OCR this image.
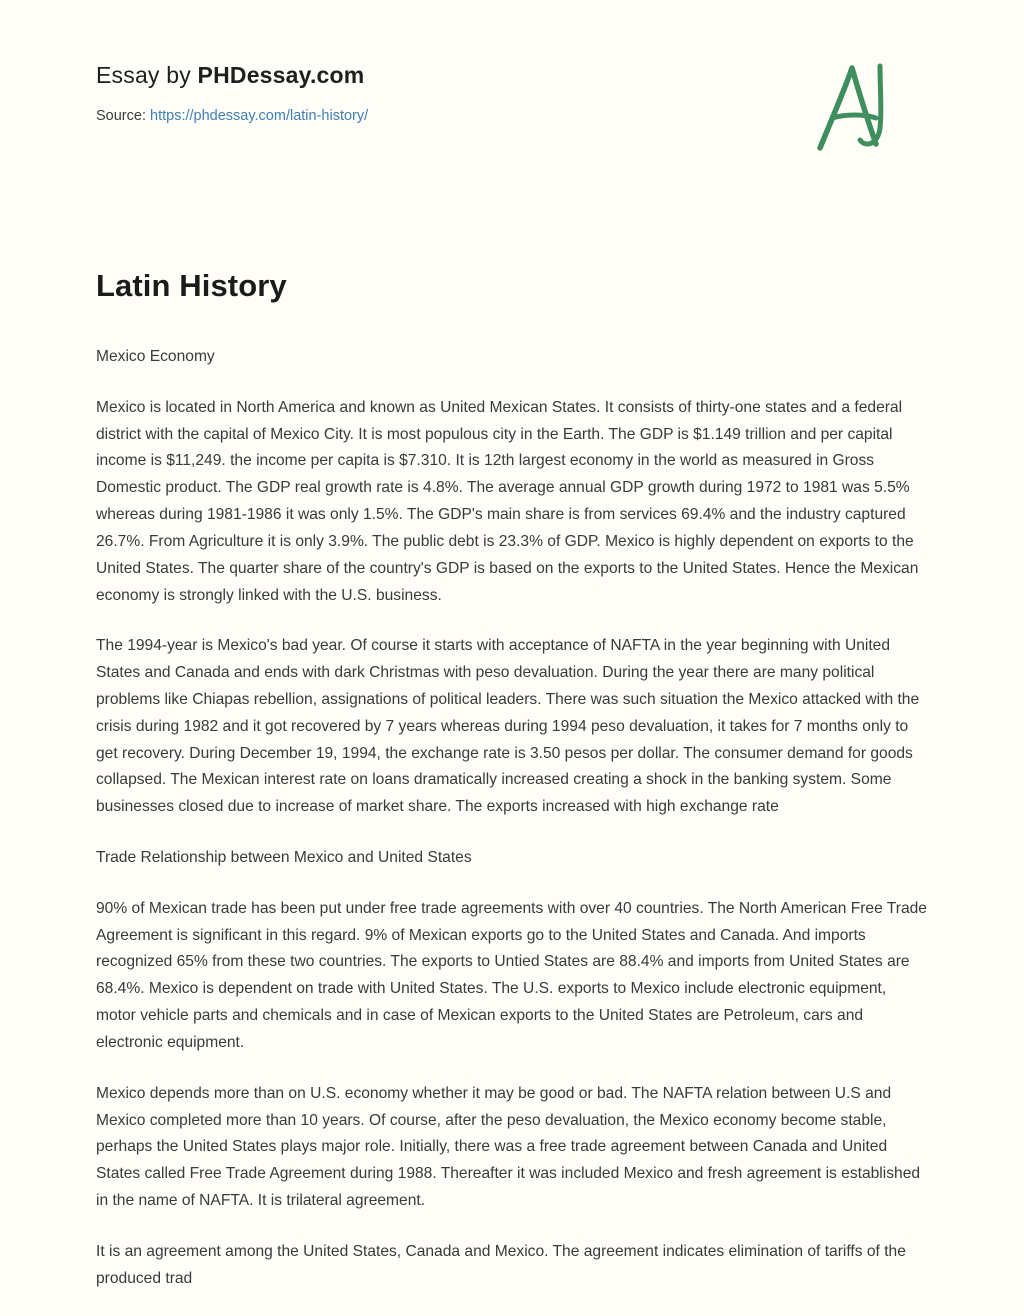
Essay by PHDessay.com
Source: https://phdessay.com/latin-history/
Latin History

Mexico Economy

Mexico is located in North America and known as United Mexican States. It consists of thirty-one states and a federal district with the capital of Mexico City. It is most populous city in the Earth. The GDP is $1.149 trillion and per capital income is $11,249. the income per capita is $7.310. It is 12th largest economy in the world as measured in Gross Domestic product. The GDP real growth rate is 4.8%. The average annual GDP growth during 1972 to 1981 was 5.5% whereas during 1981-1986 it was only 1.5%. The GDP's main share is from services 69.4% and the industry captured 26.7%. From Agriculture it is only 3.9%. The public debt is 23.3% of GDP. Mexico is highly dependent on exports to the United States. The quarter share of the country's GDP is based on the exports to the United States. Hence the Mexican economy is strongly linked with the U.S. business.

The 1994-year is Mexico's bad year. Of course it starts with acceptance of NAFTA in the year beginning with United States and Canada and ends with dark Christmas with peso devaluation. During the year there are many political problems like Chiapas rebellion, assignations of political leaders. There was such situation the Mexico attacked with the crisis during 1982 and it got recovered by 7 years whereas during 1994 peso devaluation, it takes for 7 months only to get recovery. During December 19, 1994, the exchange rate is 3.50 pesos per dollar. The consumer demand for goods collapsed. The Mexican interest rate on loans dramatically increased creating a shock in the banking system. Some businesses closed due to increase of market share. The exports increased with high exchange rate

Trade Relationship between Mexico and United States

90% of Mexican trade has been put under free trade agreements with over 40 countries. The North American Free Trade Agreement is significant in this regard. 9% of Mexican exports go to the United States and Canada. And imports recognized 65% from these two countries. The exports to Untied States are 88.4% and imports from United States are 68.4%. Mexico is dependent on trade with United States. The U.S. exports to Mexico include electronic equipment, motor vehicle parts and chemicals and in case of Mexican exports to the United States are Petroleum, cars and electronic equipment.

Mexico depends more than on U.S. economy whether it may be good or bad. The NAFTA relation between U.S and Mexico completed more than 10 years. Of course, after the peso devaluation, the Mexico economy become stable, perhaps the United States plays major role. Initially, there was a free trade agreement between Canada and United States called Free Trade Agreement during 1988. Thereafter it was included Mexico and fresh agreement is established in the name of NAFTA. It is trilateral agreement.

It is an agreement among the United States, Canada and Mexico. The agreement indicates elimination of tariffs of the produced trad
